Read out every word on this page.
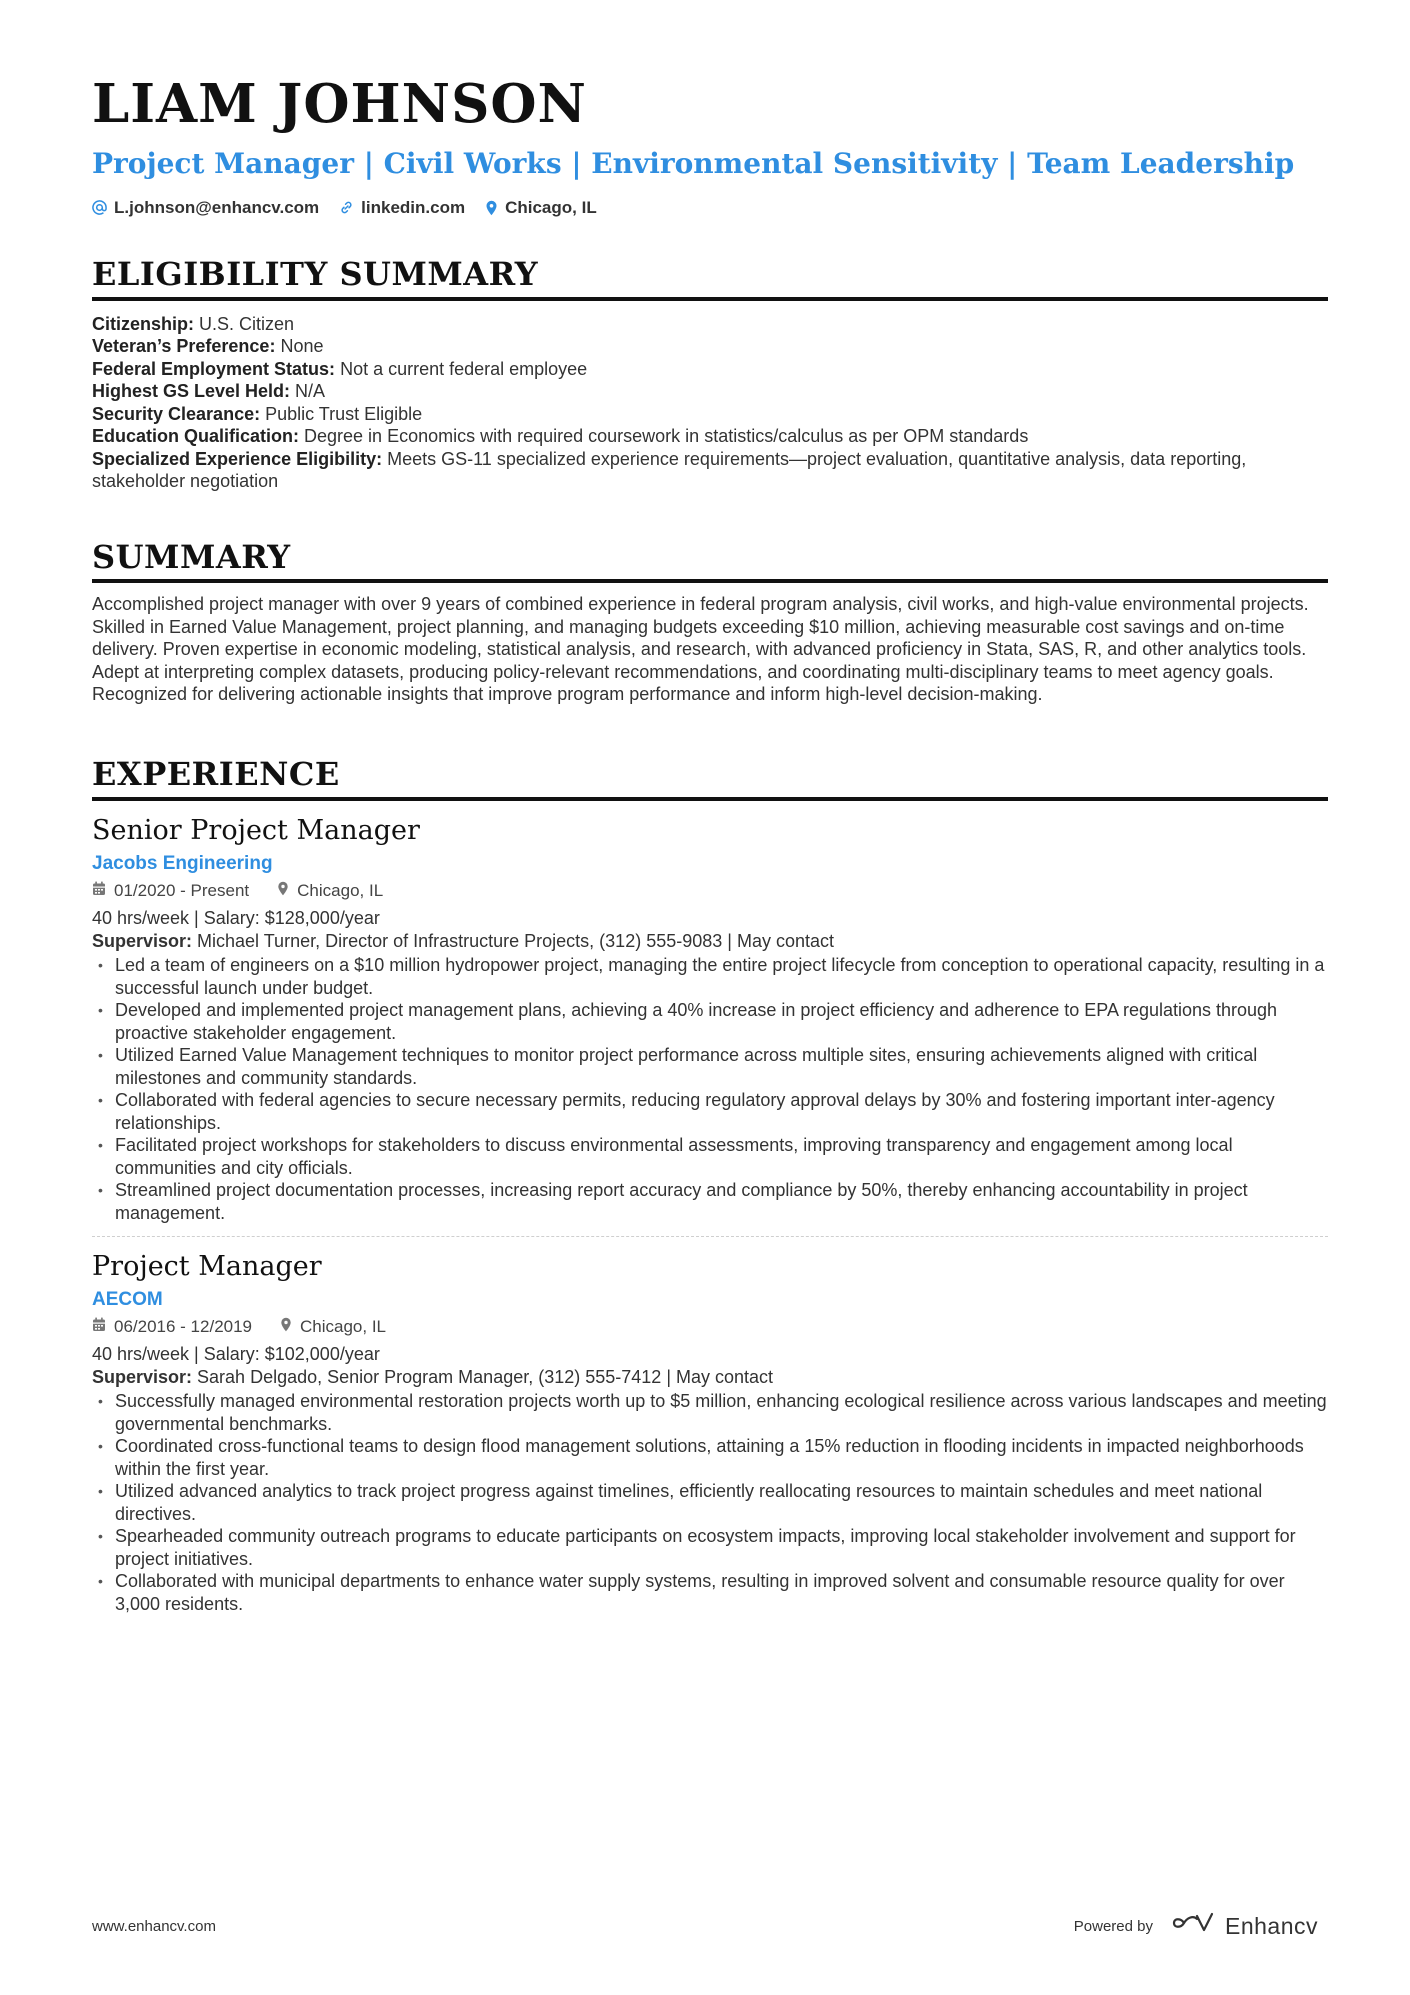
LIAM JOHNSON
Project Manager | Civil Works | Environmental Sensitivity | Team Leadership
L.johnson@enhancv.com linkedin.com Chicago, IL
ELIGIBILITY SUMMARY
Citizenship: U.S. Citizen
Veteran’s Preference: None
Federal Employment Status: Not a current federal employee
Highest GS Level Held: N/A
Security Clearance: Public Trust Eligible
Education Qualification: Degree in Economics with required coursework in statistics/calculus as per OPM standards
Specialized Experience Eligibility: Meets GS-11 specialized experience requirements—project evaluation, quantitative analysis, data reporting, stakeholder negotiation
SUMMARY
Accomplished project manager with over 9 years of combined experience in federal program analysis, civil works, and high-value environmental projects. Skilled in Earned Value Management, project planning, and managing budgets exceeding $10 million, achieving measurable cost savings and on-time delivery. Proven expertise in economic modeling, statistical analysis, and research, with advanced proficiency in Stata, SAS, R, and other analytics tools. Adept at interpreting complex datasets, producing policy-relevant recommendations, and coordinating multi-disciplinary teams to meet agency goals. Recognized for delivering actionable insights that improve program performance and inform high-level decision-making.
EXPERIENCE
Senior Project Manager
Jacobs Engineering
01/2020 - Present	Chicago, IL
40 hrs/week | Salary: $128,000/year
Supervisor: Michael Turner, Director of Infrastructure Projects, (312) 555-9083 | May contact
• Led a team of engineers on a $10 million hydropower project, managing the entire project lifecycle from conception to operational capacity, resulting in a successful launch under budget.
• Developed and implemented project management plans, achieving a 40% increase in project efficiency and adherence to EPA regulations through proactive stakeholder engagement.
• Utilized Earned Value Management techniques to monitor project performance across multiple sites, ensuring achievements aligned with critical milestones and community standards.
• Collaborated with federal agencies to secure necessary permits, reducing regulatory approval delays by 30% and fostering important inter-agency relationships.
• Facilitated project workshops for stakeholders to discuss environmental assessments, improving transparency and engagement among local communities and city officials.
• Streamlined project documentation processes, increasing report accuracy and compliance by 50%, thereby enhancing accountability in project management.
Project Manager
AECOM
06/2016 - 12/2019	Chicago, IL
40 hrs/week | Salary: $102,000/year
Supervisor: Sarah Delgado, Senior Program Manager, (312) 555-7412 | May contact
• Successfully managed environmental restoration projects worth up to $5 million, enhancing ecological resilience across various landscapes and meeting governmental benchmarks.
• Coordinated cross-functional teams to design flood management solutions, attaining a 15% reduction in flooding incidents in impacted neighborhoods within the first year.
• Utilized advanced analytics to track project progress against timelines, efficiently reallocating resources to maintain schedules and meet national directives.
• Spearheaded community outreach programs to educate participants on ecosystem impacts, improving local stakeholder involvement and support for project initiatives.
• Collaborated with municipal departments to enhance water supply systems, resulting in improved solvent and consumable resource quality for over 3,000 residents.
www.enhancv.com	Powered by	Enhancv
